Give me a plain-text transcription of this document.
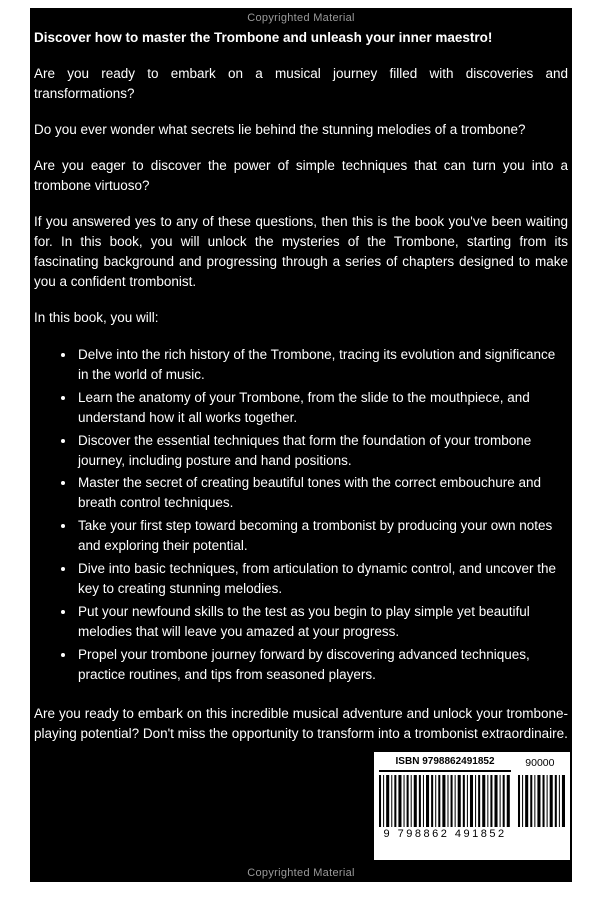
Copyrighted Material

Discover how to master the Trombone and unleash your inner maestro!

Are you ready to embark on a musical journey filled with discoveries and transformations?

Do you ever wonder what secrets lie behind the stunning melodies of a trombone?

Are you eager to discover the power of simple techniques that can turn you into a trombone virtuoso?

If you answered yes to any of these questions, then this is the book you've been waiting for. In this book, you will unlock the mysteries of the Trombone, starting from its fascinating background and progressing through a series of chapters designed to make you a confident trombonist.

In this book, you will:

• Delve into the rich history of the Trombone, tracing its evolution and significance in the world of music.
• Learn the anatomy of your Trombone, from the slide to the mouthpiece, and understand how it all works together.
• Discover the essential techniques that form the foundation of your trombone journey, including posture and hand positions.
• Master the secret of creating beautiful tones with the correct embouchure and breath control techniques.
• Take your first step toward becoming a trombonist by producing your own notes and exploring their potential.
• Dive into basic techniques, from articulation to dynamic control, and uncover the key to creating stunning melodies.
• Put your newfound skills to the test as you begin to play simple yet beautiful melodies that will leave you amazed at your progress.
• Propel your trombone journey forward by discovering advanced techniques, practice routines, and tips from seasoned players.

Are you ready to embark on this incredible musical adventure and unlock your trombone-playing potential? Don't miss the opportunity to transform into a trombonist extraordinaire.

ISBN 9798862491852	90000
9 798862 491852
Copyrighted Material
